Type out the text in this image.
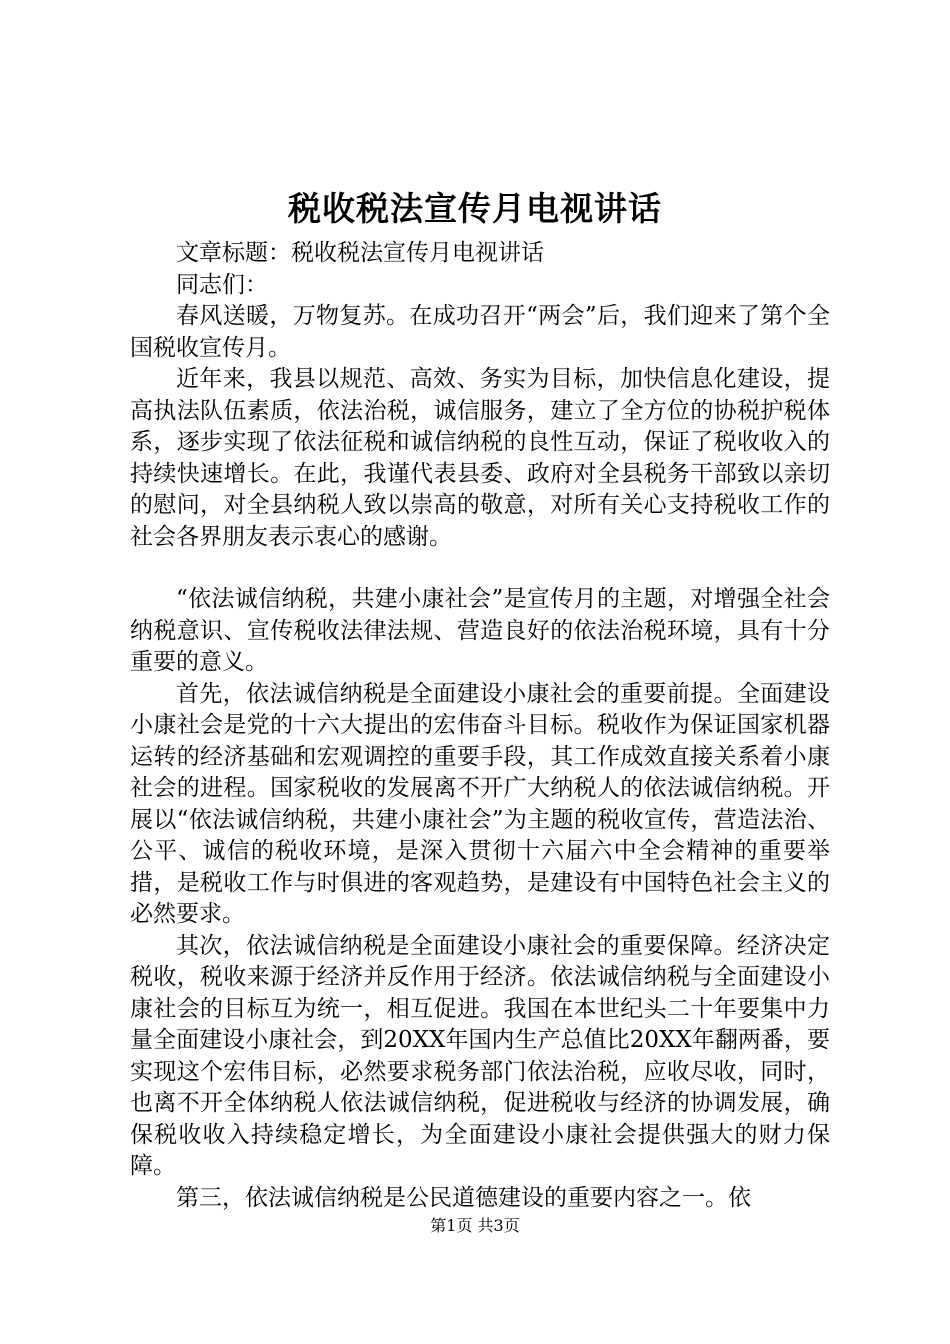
税收税法宣传月电视讲话

文章标题：税收税法宣传月电视讲话

同志们：

春风送暖，万物复苏。在成功召开“两会”后，我们迎来了第个全国税收宣传月。

近年来，我县以规范、高效、务实为目标，加快信息化建设，提高执法队伍素质，依法治税，诚信服务，建立了全方位的协税护税体系，逐步实现了依法征税和诚信纳税的良性互动，保证了税收收入的持续快速增长。在此，我谨代表县委、政府对全县税务干部致以亲切的慰问，对全县纳税人致以崇高的敬意，对所有关心支持税收工作的社会各界朋友表示衷心的感谢。

“依法诚信纳税，共建小康社会”是宣传月的主题，对增强全社会纳税意识、宣传税收法律法规、营造良好的依法治税环境，具有十分重要的意义。

首先，依法诚信纳税是全面建设小康社会的重要前提。全面建设小康社会是党的十六大提出的宏伟奋斗目标。税收作为保证国家机器运转的经济基础和宏观调控的重要手段，其工作成效直接关系着小康社会的进程。国家税收的发展离不开广大纳税人的依法诚信纳税。开展以“依法诚信纳税，共建小康社会”为主题的税收宣传，营造法治、公平、诚信的税收环境，是深入贯彻十六届六中全会精神的重要举措，是税收工作与时俱进的客观趋势，是建设有中国特色社会主义的必然要求。

其次，依法诚信纳税是全面建设小康社会的重要保障。经济决定税收，税收来源于经济并反作用于经济。依法诚信纳税与全面建设小康社会的目标互为统一，相互促进。我国在本世纪头二十年要集中力量全面建设小康社会，到20XX年国内生产总值比20XX年翻两番，要实现这个宏伟目标，必然要求税务部门依法治税，应收尽收，同时，也离不开全体纳税人依法诚信纳税，促进税收与经济的协调发展，确保税收收入持续稳定增长，为全面建设小康社会提供强大的财力保障。

第三，依法诚信纳税是公民道德建设的重要内容之一。依

第1页 共3页
